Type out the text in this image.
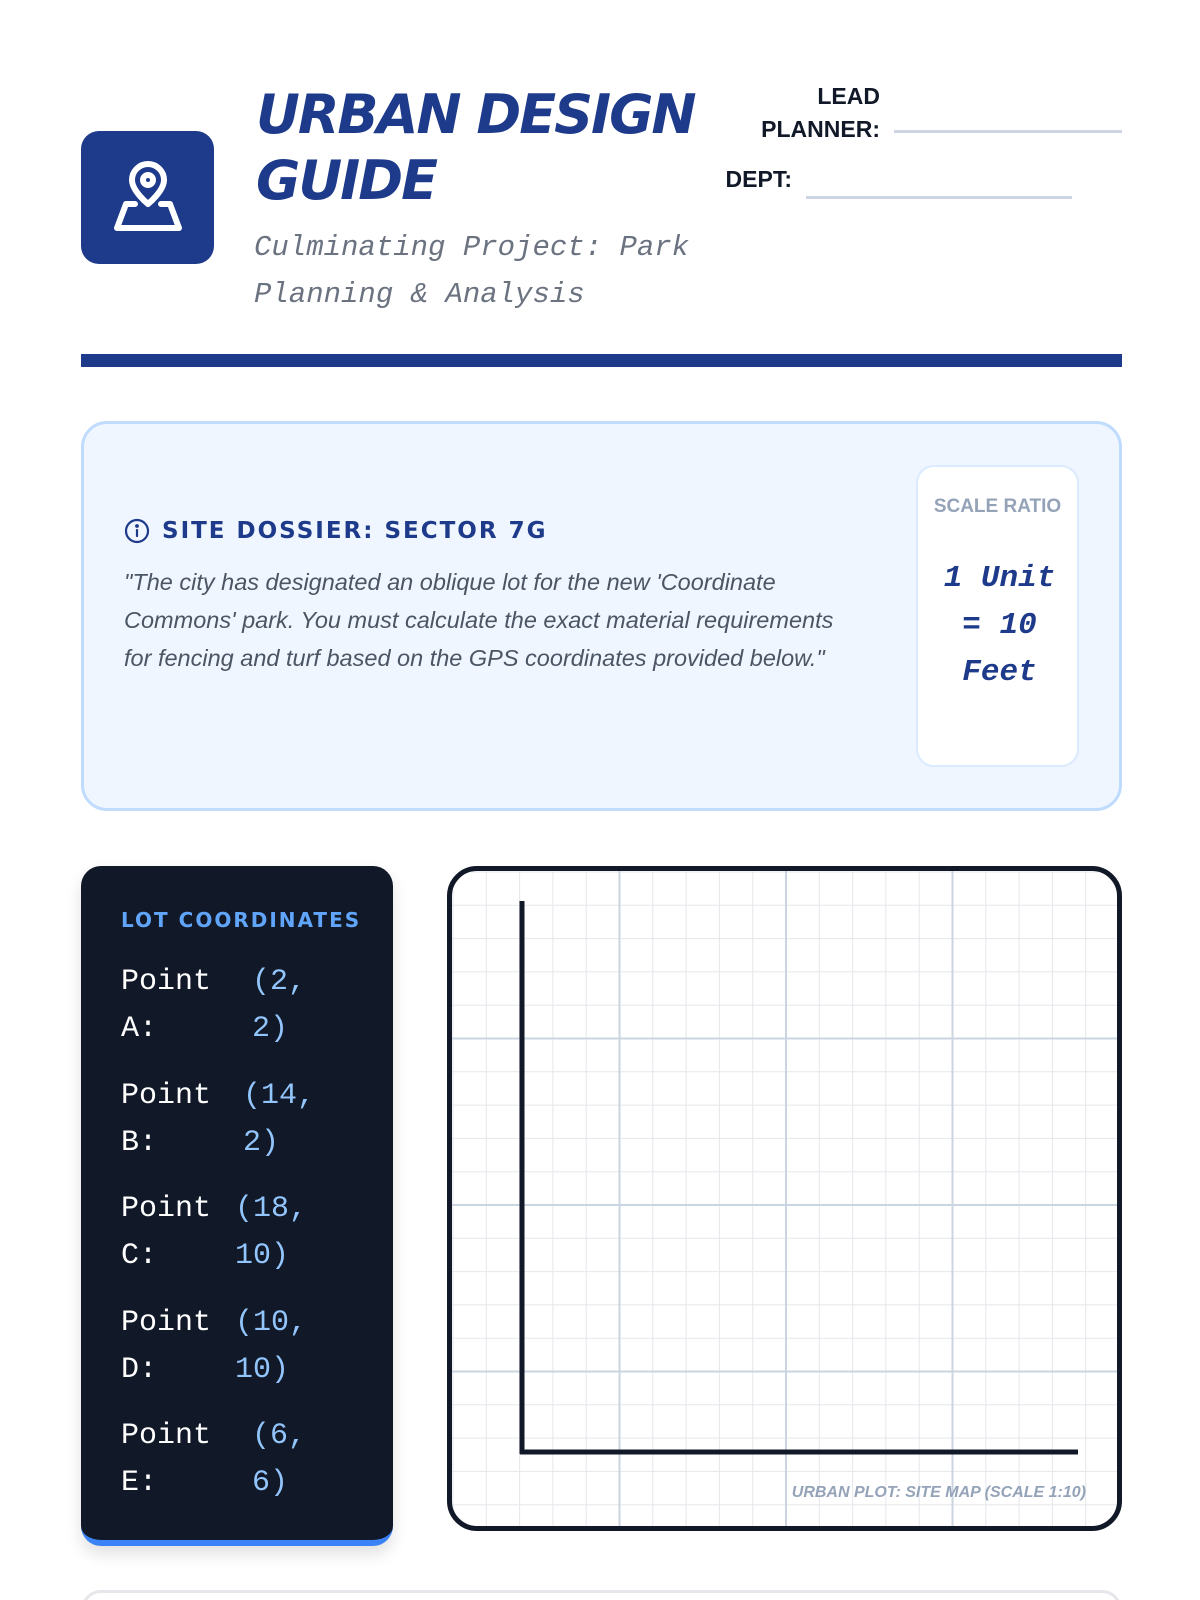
URBAN DESIGN GUIDE
Culminating Project: Park Planning & Analysis
LEAD PLANNER:
DEPT:
SITE DOSSIER: SECTOR 7G
"The city has designated an oblique lot for the new 'Coordinate Commons' park. You must calculate the exact material requirements for fencing and turf based on the GPS coordinates provided below."
SCALE RATIO
1 Unit = 10 Feet
LOT COORDINATES
Point A:
(2, 2)
Point B:
(14, 2)
Point C:
(18, 10)
Point D:
(10, 10)
Point E:
(6, 6)	URBAN PLOT: SITE MAP (SCALE 1:10)
